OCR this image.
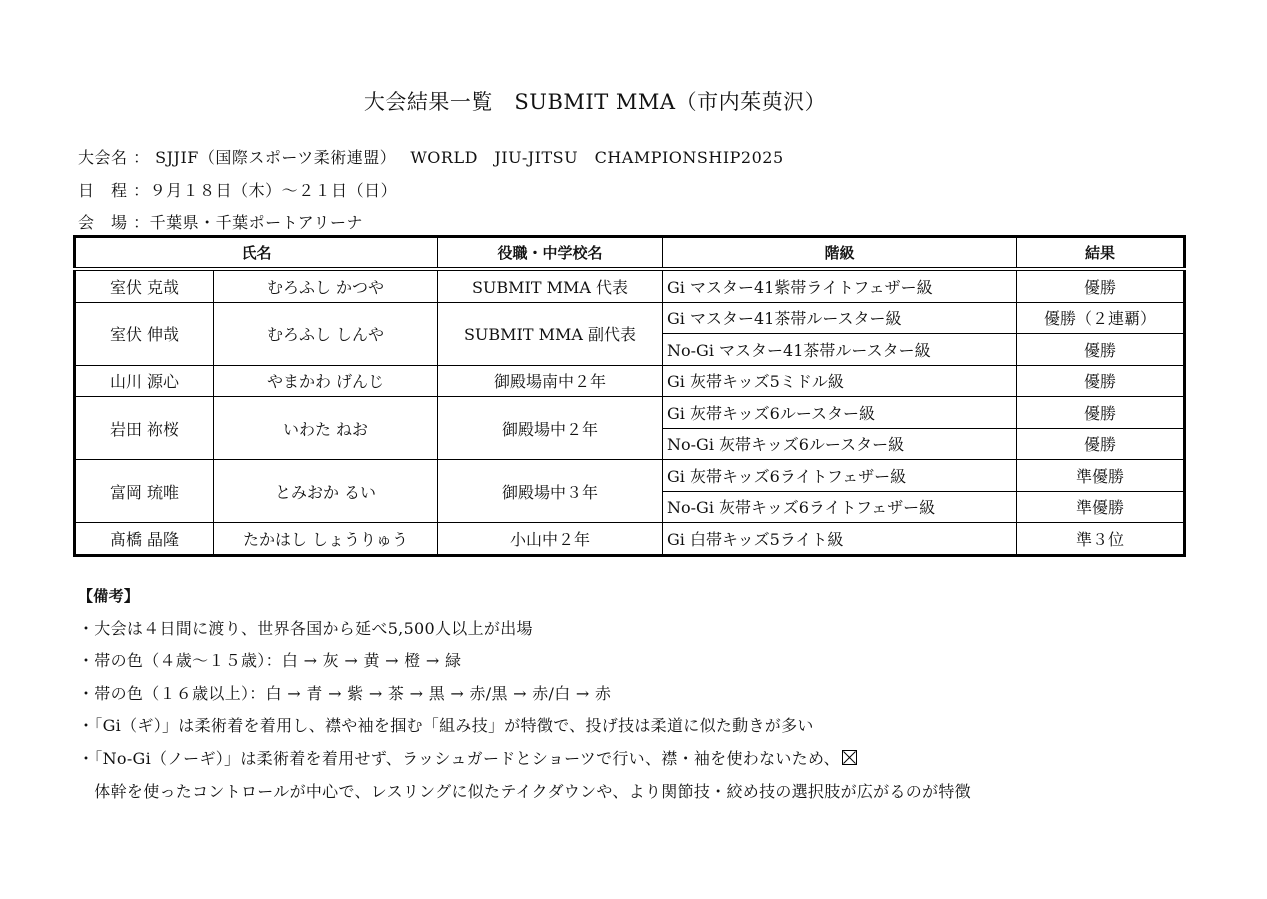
大会結果一覧　SUBMIT MMA（市内茱萸沢）
大会名 ： SJJIF（国際スポーツ柔術連盟）　 WORLD　JIU-JITSU　CHAMPIONSHIP2025
日　程 ：９月１８日（木）～２１日（日）
会　場 ：千葉県・千葉ポートアリーナ
氏名		役職・中学校名	階級	結果
室伏 克哉	むろふし かつや	SUBMIT MMA 代表	Gi マスター41紫帯ライトフェザー級	優勝
室伏 伸哉	むろふし しんや	SUBMIT MMA 副代表	Gi マスター41茶帯ルースター級	優勝（２連覇）
			No-Gi マスター41茶帯ルースター級	優勝
山川 源心	やまかわ げんじ	御殿場南中２年	Gi 灰帯キッズ5ミドル級	優勝
岩田 祢桜	いわた ねお	御殿場中２年	Gi 灰帯キッズ6ルースター級	優勝
			No-Gi 灰帯キッズ6ルースター級	優勝
富岡 琉唯	とみおか るい	御殿場中３年	Gi 灰帯キッズ6ライトフェザー級	準優勝
			No-Gi 灰帯キッズ6ライトフェザー級	準優勝
髙橋 晶隆	たかはし しょうりゅう	小山中２年	Gi 白帯キッズ5ライト級	準３位
【備考】
・大会は４日間に渡り、世界各国から延べ5,500人以上が出場
・帯の色（４歳～１５歳）：白 → 灰 → 黄 → 橙 → 緑
・帯の色（１６歳以上）：白 → 青 → 紫 → 茶 → 黒 → 赤/黒 → 赤/白 → 赤
・「Gi（ギ）」は柔術着を着用し、襟や袖を掴む「組み技」が特徴で、投げ技は柔道に似た動きが多い
・「No-Gi（ノーギ）」は柔術着を着用せず、ラッシュガードとショーツで行い、襟・袖を使わないため、
　体幹を使ったコントロールが中心で、レスリングに似たテイクダウンや、より関節技・絞め技の選択肢が広がるのが特徴
